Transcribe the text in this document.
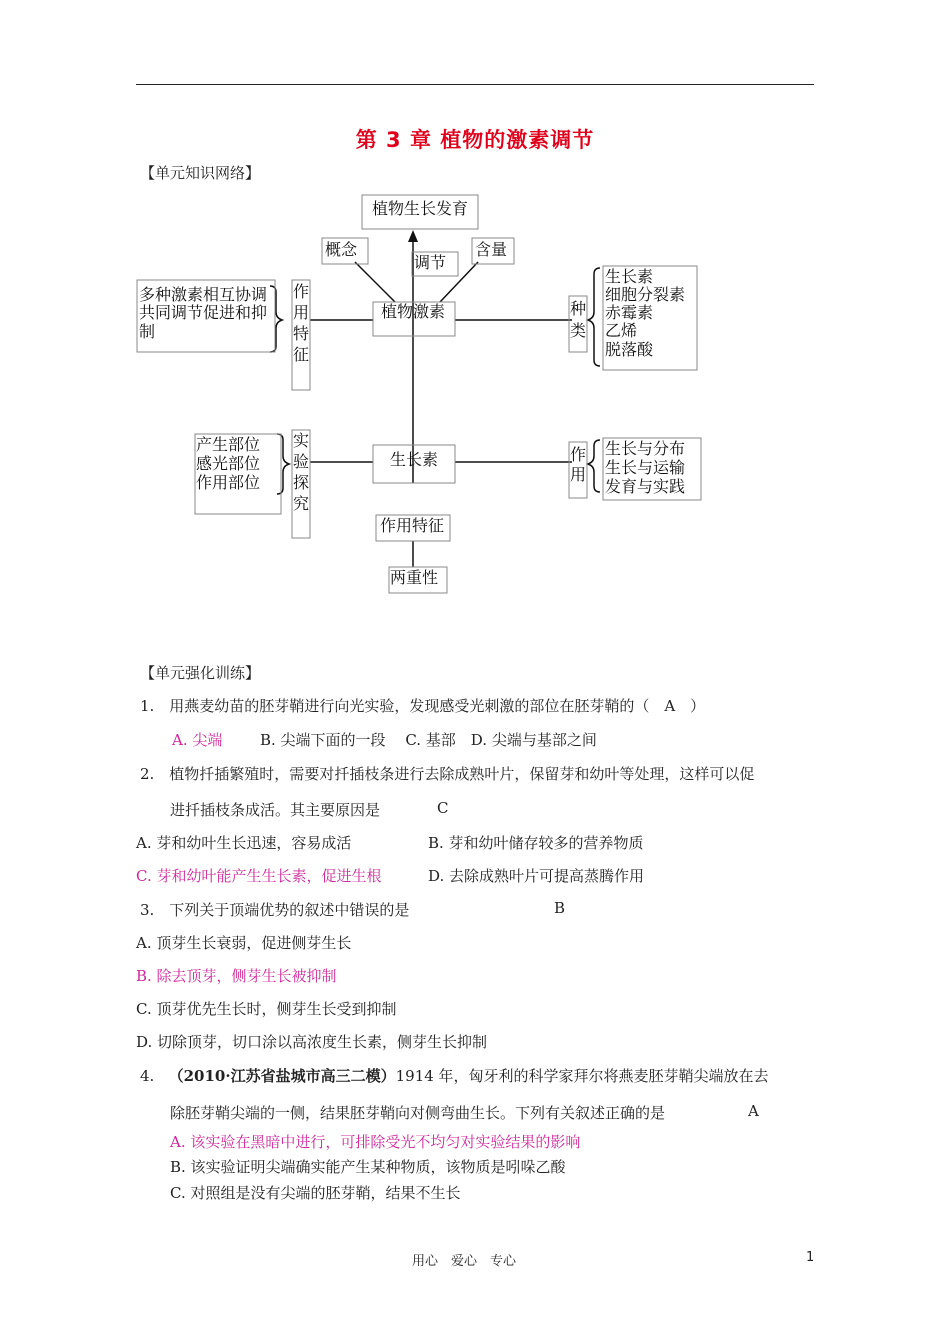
第 3 章 植物的激素调节
【单元知识网络】
植物生长发育
概念
调节
含量
多种激素相互协调
共同调节促进和抑
制
作
用
特
征
植物激素	种
类
生长素
细胞分裂素
赤霉素
乙烯
脱落酸
产生部位
感光部位
作用部位
实
验
探
究
生长素	作
用
生长与分布
生长与运输
发育与实践
作用特征
两重性
【单元强化训练】
1.　用燕麦幼苗的胚芽鞘进行向光实验，发现感受光刺激的部位在胚芽鞘的（　A　）
A. 尖端	B. 尖端下面的一段　 C. 基部　D. 尖端与基部之间
2.　植物扦插繁殖时，需要对扦插枝条进行去除成熟叶片，保留芽和幼叶等处理，这样可以促
进扦插枝条成活。其主要原因是	C
A. 芽和幼叶生长迅速，容易成活	B. 芽和幼叶储存较多的营养物质
C. 芽和幼叶能产生生长素，促进生根	D. 去除成熟叶片可提高蒸腾作用
3.　下列关于顶端优势的叙述中错误的是	B
A. 顶芽生长衰弱，促进侧芽生长
B. 除去顶芽，侧芽生长被抑制
C. 顶芽优先生长时，侧芽生长受到抑制
D. 切除顶芽，切口涂以高浓度生长素，侧芽生长抑制
4. （2010·江苏省盐城市高三二模）1914 年，匈牙利的科学家拜尔将燕麦胚芽鞘尖端放在去
除胚芽鞘尖端的一侧，结果胚芽鞘向对侧弯曲生长。下列有关叙述正确的是	A
A. 该实验在黑暗中进行，可排除受光不均匀对实验结果的影响
B. 该实验证明尖端确实能产生某种物质，该物质是吲哚乙酸
C. 对照组是没有尖端的胚芽鞘，结果不生长
用心　爱心　专心	1
